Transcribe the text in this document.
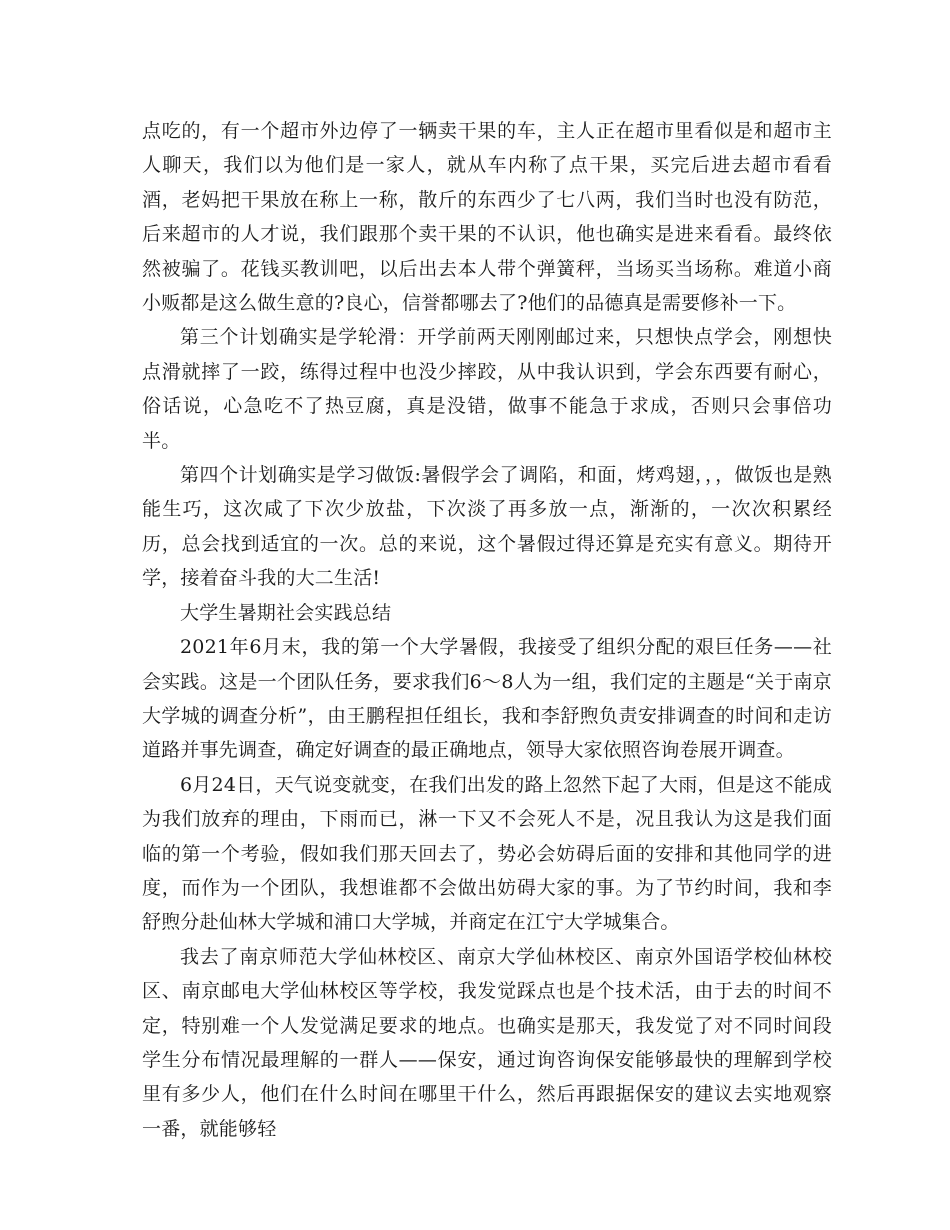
点吃的，有一个超市外边停了一辆卖干果的车，主人正在超市里看似是和超市主人聊天，我们以为他们是一家人，就从车内称了点干果，买完后进去超市看看酒，老妈把干果放在称上一称，散斤的东西少了七八两，我们当时也没有防范，后来超市的人才说，我们跟那个卖干果的不认识，他也确实是进来看看。最终依然被骗了。花钱买教训吧，以后出去本人带个弹簧秤，当场买当场称。难道小商小贩都是这么做生意的?良心，信誉都哪去了?他们的品德真是需要修补一下。

第三个计划确实是学轮滑：开学前两天刚刚邮过来，只想快点学会，刚想快点滑就摔了一跤，练得过程中也没少摔跤，从中我认识到，学会东西要有耐心，俗话说，心急吃不了热豆腐，真是没错，做事不能急于求成，否则只会事倍功半。

第四个计划确实是学习做饭:暑假学会了调陷，和面，烤鸡翅，，，做饭也是熟能生巧，这次咸了下次少放盐，下次淡了再多放一点，渐渐的，一次次积累经历，总会找到适宜的一次。总的来说，这个暑假过得还算是充实有意义。期待开学，接着奋斗我的大二生活!

大学生暑期社会实践总结

2021年6月末，我的第一个大学暑假，我接受了组织分配的艰巨任务——社会实践。这是一个团队任务，要求我们6～8人为一组，我们定的主题是“关于南京大学城的调查分析”，由王鹏程担任组长，我和李舒煦负责安排调查的时间和走访道路并事先调查，确定好调查的最正确地点，领导大家依照咨询卷展开调查。

6月24日，天气说变就变，在我们出发的路上忽然下起了大雨，但是这不能成为我们放弃的理由，下雨而已，淋一下又不会死人不是，况且我认为这是我们面临的第一个考验，假如我们那天回去了，势必会妨碍后面的安排和其他同学的进度，而作为一个团队，我想谁都不会做出妨碍大家的事。为了节约时间，我和李舒煦分赴仙林大学城和浦口大学城，并商定在江宁大学城集合。

我去了南京师范大学仙林校区、南京大学仙林校区、南京外国语学校仙林校区、南京邮电大学仙林校区等学校，我发觉踩点也是个技术活，由于去的时间不定，特别难一个人发觉满足要求的地点。也确实是那天，我发觉了对不同时间段学生分布情况最理解的一群人——保安，通过询咨询保安能够最快的理解到学校里有多少人，他们在什么时间在哪里干什么，然后再跟据保安的建议去实地观察一番，就能够轻
